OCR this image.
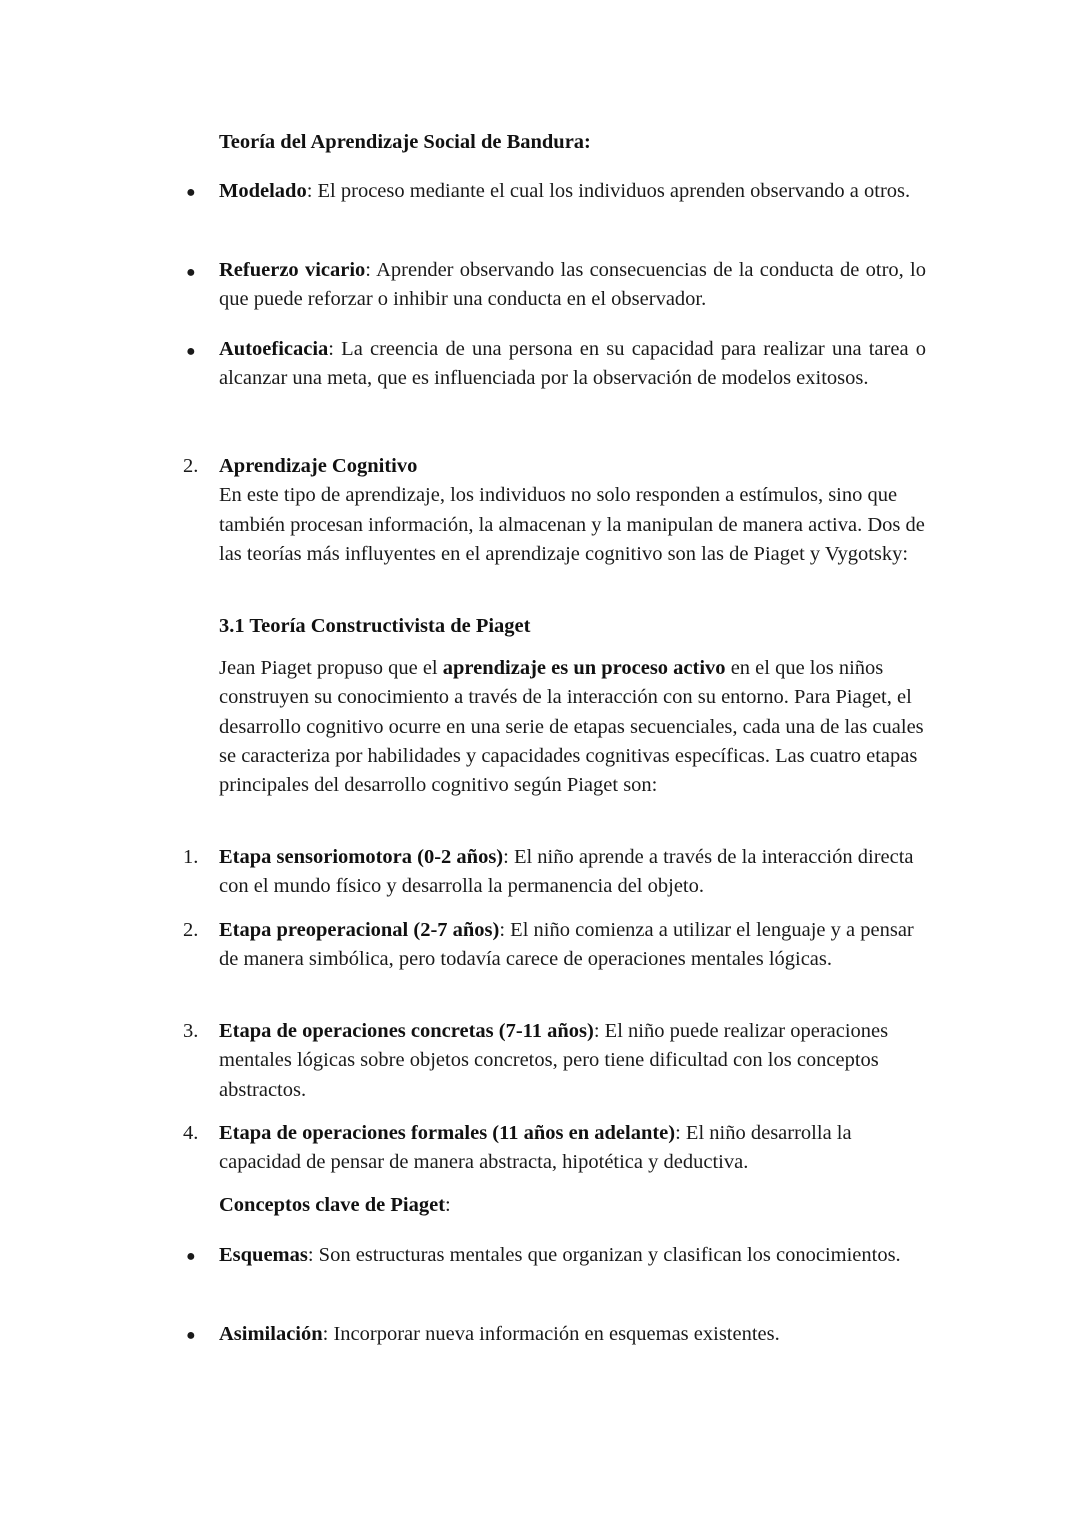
Teoría del Aprendizaje Social de Bandura:

●	Modelado: El proceso mediante el cual los individuos aprenden observando a otros.

●	Refuerzo vicario: Aprender observando las consecuencias de la conducta de otro, lo que puede reforzar o inhibir una conducta en el observador.

●	Autoeficacia: La creencia de una persona en su capacidad para realizar una tarea o alcanzar una meta, que es influenciada por la observación de modelos exitosos.

2.	Aprendizaje Cognitivo
En este tipo de aprendizaje, los individuos no solo responden a estímulos, sino que también procesan información, la almacenan y la manipulan de manera activa. Dos de las teorías más influyentes en el aprendizaje cognitivo son las de Piaget y Vygotsky:

3.1 Teoría Constructivista de Piaget

Jean Piaget propuso que el aprendizaje es un proceso activo en el que los niños construyen su conocimiento a través de la interacción con su entorno. Para Piaget, el desarrollo cognitivo ocurre en una serie de etapas secuenciales, cada una de las cuales se caracteriza por habilidades y capacidades cognitivas específicas. Las cuatro etapas principales del desarrollo cognitivo según Piaget son:

1.	Etapa sensoriomotora (0-2 años): El niño aprende a través de la interacción directa con el mundo físico y desarrolla la permanencia del objeto.

2.	Etapa preoperacional (2-7 años): El niño comienza a utilizar el lenguaje y a pensar de manera simbólica, pero todavía carece de operaciones mentales lógicas.

3.	Etapa de operaciones concretas (7-11 años): El niño puede realizar operaciones mentales lógicas sobre objetos concretos, pero tiene dificultad con los conceptos abstractos.

4.	Etapa de operaciones formales (11 años en adelante): El niño desarrolla la capacidad de pensar de manera abstracta, hipotética y deductiva.

Conceptos clave de Piaget:

●	Esquemas: Son estructuras mentales que organizan y clasifican los conocimientos.

●	Asimilación: Incorporar nueva información en esquemas existentes.
